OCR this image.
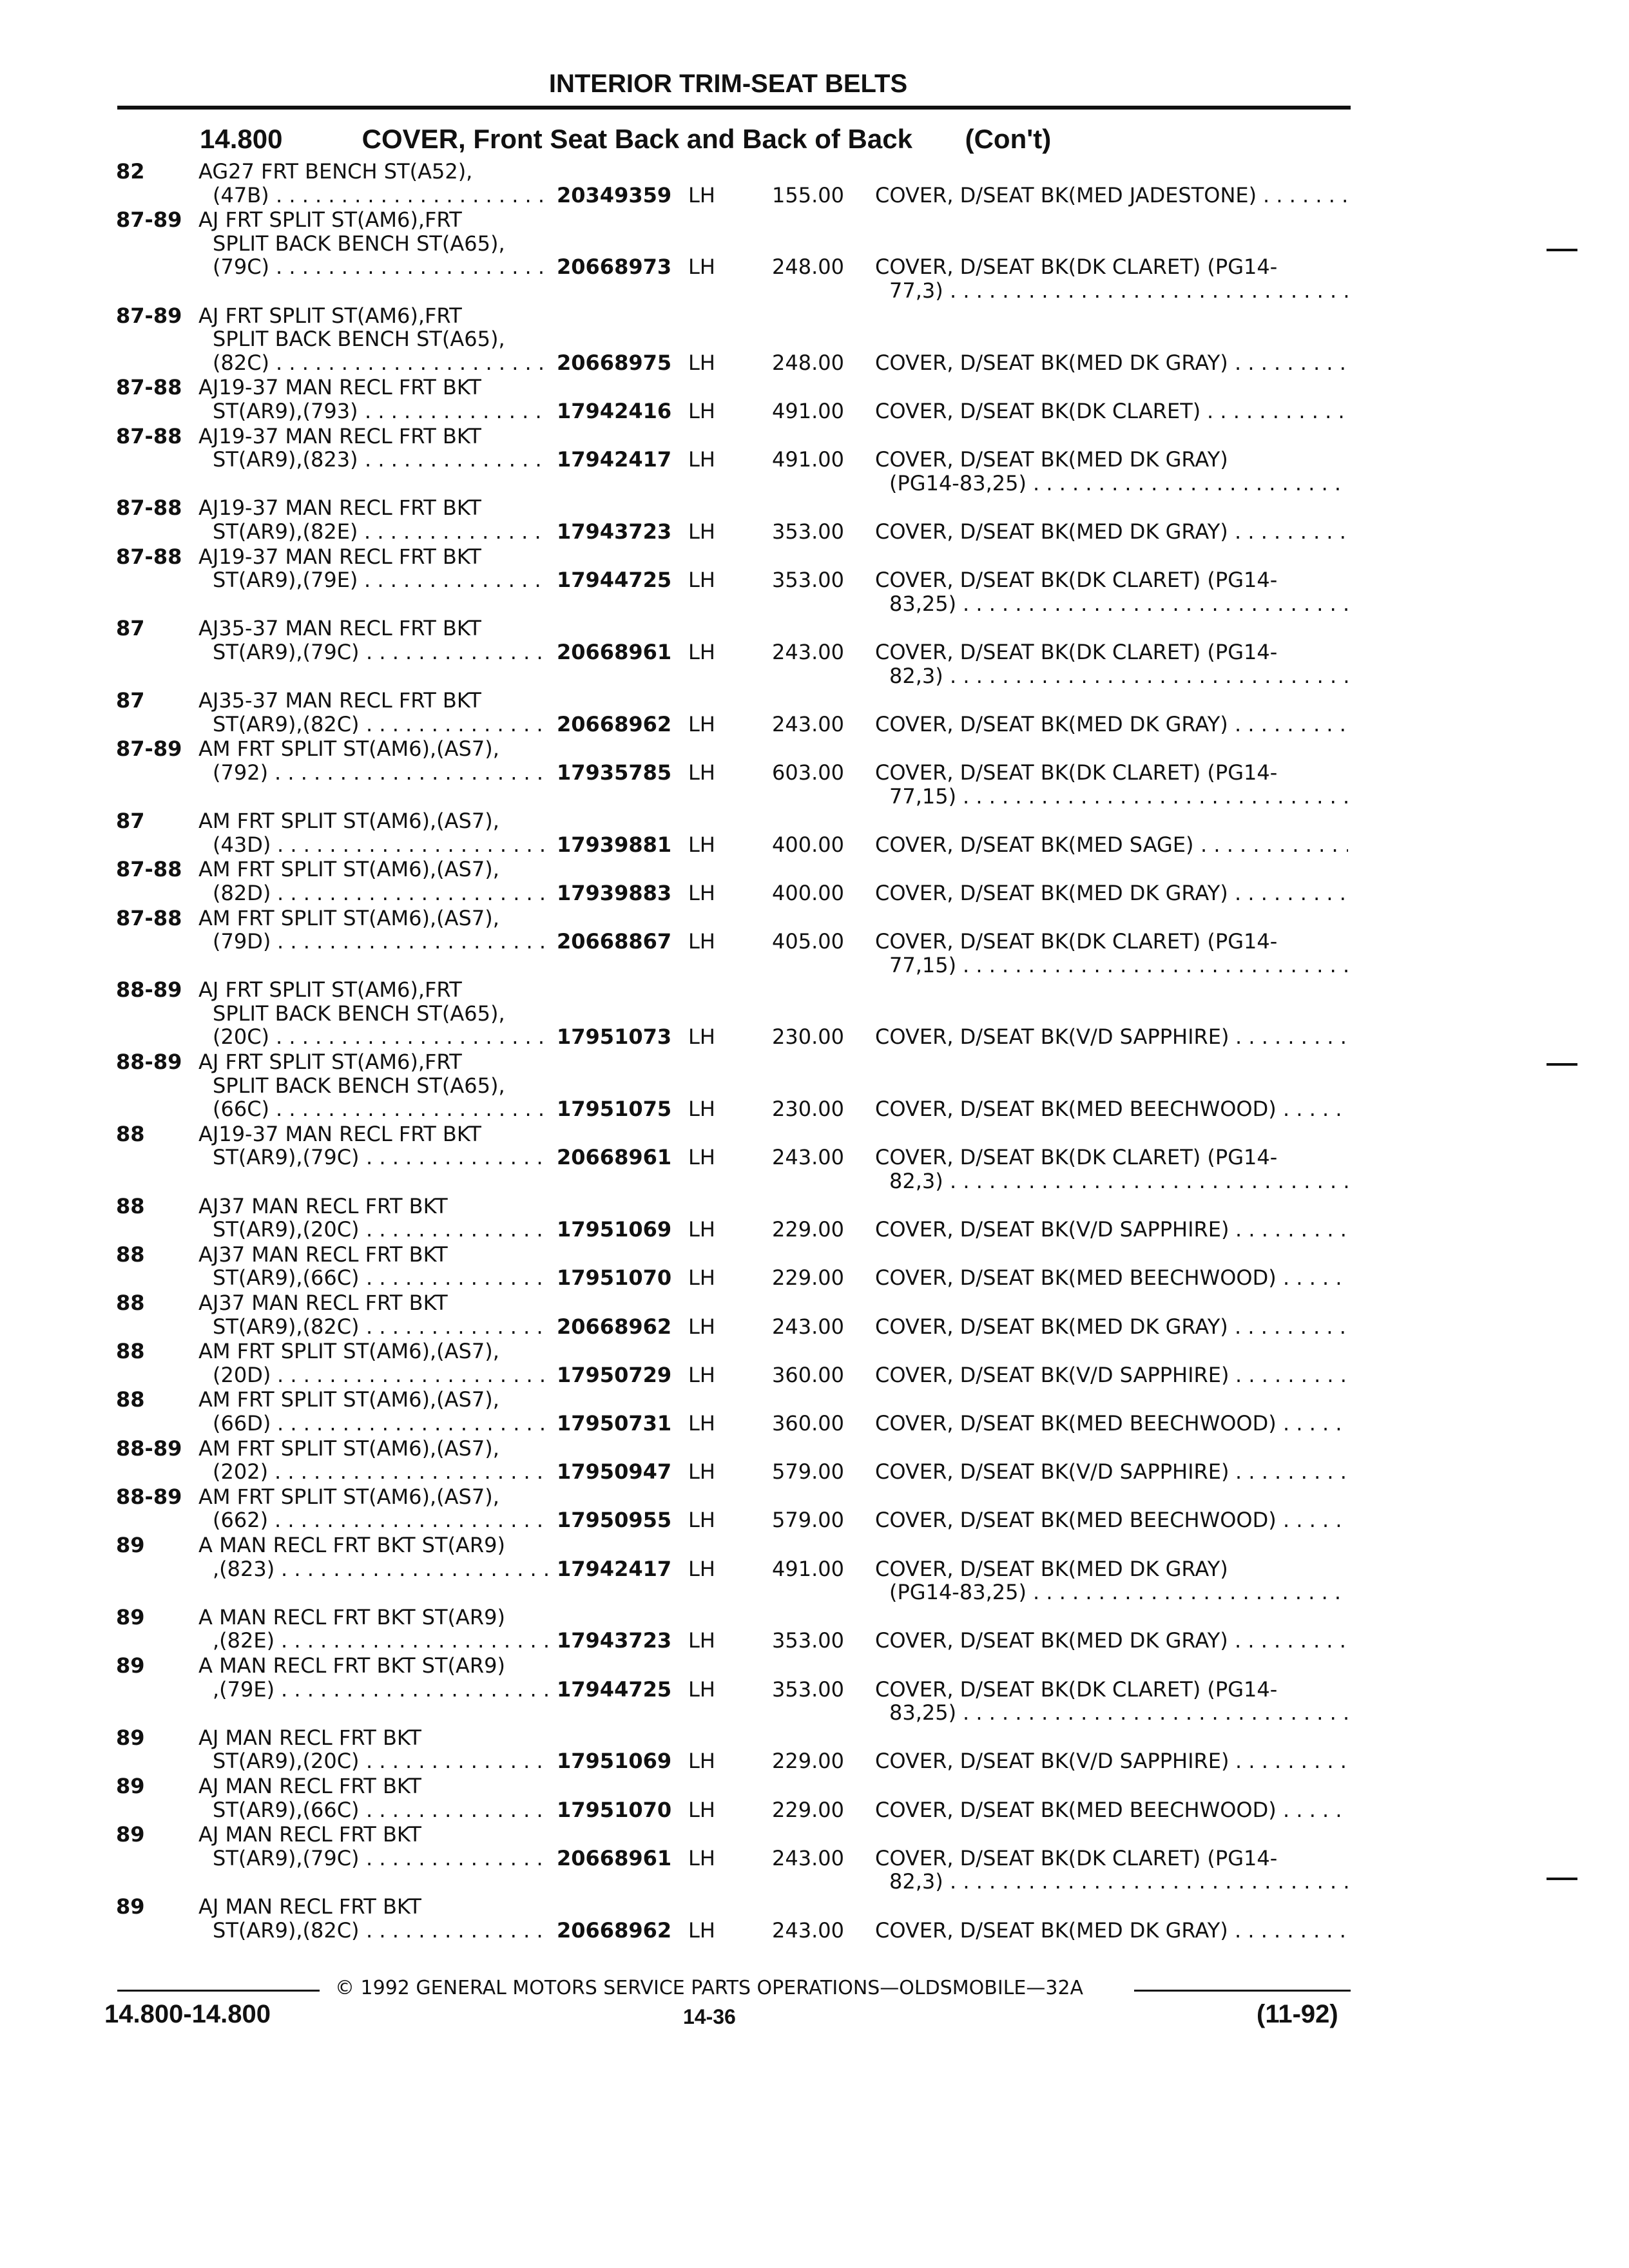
INTERIOR TRIM-SEAT BELTS
14.800	COVER, Front Seat Back and Back of Back (Con't)
82	AG27 FRT BENCH ST(A52),
(47B) . . .	20349359 LH	155.00 COVER, D/SEAT BK(MED JADESTONE)
. . .
87-89 AJ FRT SPLIT ST(AM6),FRT
SPLIT BACK BENCH ST(A65),
(79C) . . .	20668973 LH	248.00 COVER, D/SEAT BK(DK CLARET) (PG14-
77,3)
. . .
87-89 AJ FRT SPLIT ST(AM6),FRT
SPLIT BACK BENCH ST(A65),
(82C) . . .	20668975 LH	248.00 COVER, D/SEAT BK(MED DK GRAY)
. . .
87-88 AJ19-37 MAN RECL FRT BKT
ST(AR9),(793) . . .	17942416 LH	491.00 COVER, D/SEAT BK(DK CLARET)
. . .
87-88 AJ19-37 MAN RECL FRT BKT
ST(AR9),(823) . . .	17942417 LH	491.00 COVER, D/SEAT BK(MED DK GRAY)
(PG14-83,25)
. . .
87-88 AJ19-37 MAN RECL FRT BKT
ST(AR9),(82E) . . .	17943723 LH	353.00 COVER, D/SEAT BK(MED DK GRAY)
. . .
87-88 AJ19-37 MAN RECL FRT BKT
ST(AR9),(79E) . . .	17944725 LH	353.00 COVER, D/SEAT BK(DK CLARET) (PG14-
83,25)
. . .
87	AJ35-37 MAN RECL FRT BKT
ST(AR9),(79C) . . .	20668961 LH	243.00 COVER, D/SEAT BK(DK CLARET) (PG14-
82,3)
. . .
87	AJ35-37 MAN RECL FRT BKT
ST(AR9),(82C) . . .	20668962 LH	243.00 COVER, D/SEAT BK(MED DK GRAY)
. . .
87-89 AM FRT SPLIT ST(AM6),(AS7),
(792) . . .	17935785 LH	603.00 COVER, D/SEAT BK(DK CLARET) (PG14-
77,15)
. . .
87	AM FRT SPLIT ST(AM6),(AS7),
(43D) . . .	17939881 LH	400.00 COVER, D/SEAT BK(MED SAGE)
. . .
87-88 AM FRT SPLIT ST(AM6),(AS7),
(82D) . . .	17939883 LH	400.00 COVER, D/SEAT BK(MED DK GRAY)
. . .
87-88 AM FRT SPLIT ST(AM6),(AS7),
(79D) . . .	20668867 LH	405.00 COVER, D/SEAT BK(DK CLARET) (PG14-
77,15)
. . .
88-89 AJ FRT SPLIT ST(AM6),FRT
SPLIT BACK BENCH ST(A65),
(20C) . . .	17951073 LH	230.00 COVER, D/SEAT BK(V/D SAPPHIRE)
. . .
88-89 AJ FRT SPLIT ST(AM6),FRT
SPLIT BACK BENCH ST(A65),
(66C) . . .	17951075 LH	230.00 COVER, D/SEAT BK(MED BEECHWOOD)
. . .
88	AJ19-37 MAN RECL FRT BKT
ST(AR9),(79C) . . .	20668961 LH	243.00 COVER, D/SEAT BK(DK CLARET) (PG14-
82,3)
. . .
88	AJ37 MAN RECL FRT BKT
ST(AR9),(20C) . . .	17951069 LH	229.00 COVER, D/SEAT BK(V/D SAPPHIRE)
. . .
88	AJ37 MAN RECL FRT BKT
ST(AR9),(66C) . . .	17951070 LH	229.00 COVER, D/SEAT BK(MED BEECHWOOD)
. . .
88	AJ37 MAN RECL FRT BKT
ST(AR9),(82C) . . .	20668962 LH	243.00 COVER, D/SEAT BK(MED DK GRAY)
. . .
88	AM FRT SPLIT ST(AM6),(AS7),
(20D) . . .	17950729 LH	360.00 COVER, D/SEAT BK(V/D SAPPHIRE)
. . .
88	AM FRT SPLIT ST(AM6),(AS7),
(66D) . . .	17950731 LH	360.00 COVER, D/SEAT BK(MED BEECHWOOD)
. . .
88-89 AM FRT SPLIT ST(AM6),(AS7),
(202) . . .	17950947 LH	579.00 COVER, D/SEAT BK(V/D SAPPHIRE)
. . .
88-89 AM FRT SPLIT ST(AM6),(AS7),
(662) . . .	17950955 LH	579.00 COVER, D/SEAT BK(MED BEECHWOOD)
. . .
89	A MAN RECL FRT BKT ST(AR9)
,(823) . . .	17942417 LH	491.00 COVER, D/SEAT BK(MED DK GRAY)
(PG14-83,25)
. . .
89	A MAN RECL FRT BKT ST(AR9)
,(82E) . . .	17943723 LH	353.00 COVER, D/SEAT BK(MED DK GRAY)
. . .
89	A MAN RECL FRT BKT ST(AR9)
,(79E) . . .	17944725 LH	353.00 COVER, D/SEAT BK(DK CLARET) (PG14-
83,25)
. . .
89	AJ MAN RECL FRT BKT
ST(AR9),(20C) . . .	17951069 LH	229.00 COVER, D/SEAT BK(V/D SAPPHIRE)
. . .
89	AJ MAN RECL FRT BKT
ST(AR9),(66C) . . .	17951070 LH	229.00 COVER, D/SEAT BK(MED BEECHWOOD)
. . .
89	AJ MAN RECL FRT BKT
ST(AR9),(79C) . . .	20668961 LH	243.00 COVER, D/SEAT BK(DK CLARET) (PG14-
82,3)
. . .
89	AJ MAN RECL FRT BKT
ST(AR9),(82C) . . .	20668962 LH	243.00 COVER, D/SEAT BK(MED DK GRAY)
. . .
© 1992 GENERAL MOTORS SERVICE PARTS OPERATIONS—OLDSMOBILE—32A
14.800-14.800	14-36	(11-92)
